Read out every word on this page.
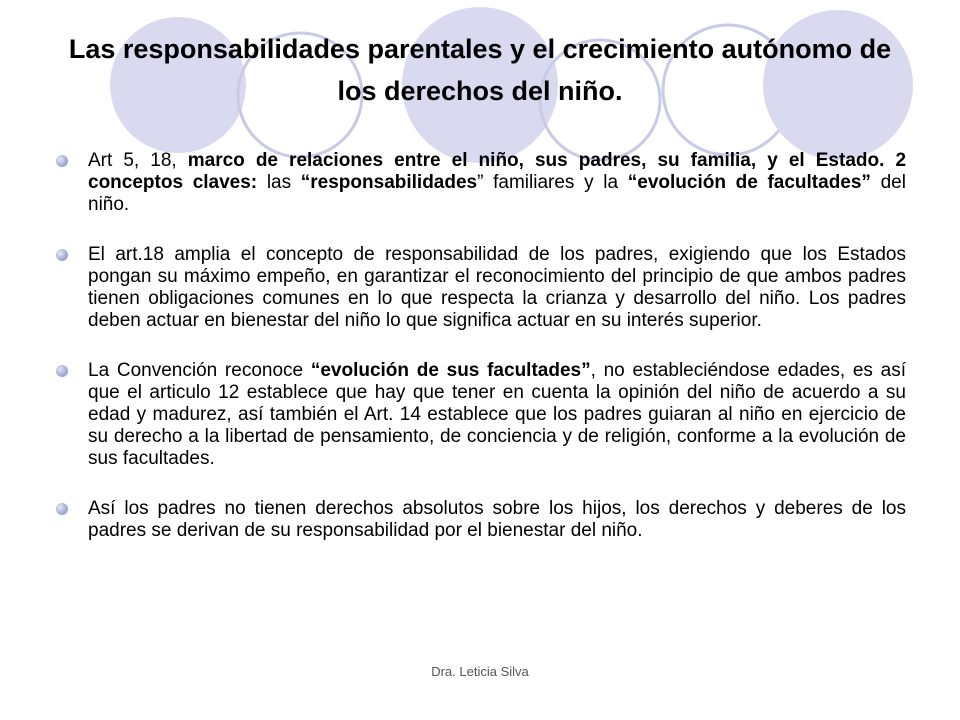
Las responsabilidades parentales y el crecimiento autónomo de los derechos del niño.
Art 5, 18, marco de relaciones entre el niño, sus padres, su familia, y el Estado. 2 conceptos claves: las “responsabilidades” familiares y la “evolución de facultades” del niño.
El art.18 amplia el concepto de responsabilidad de los padres, exigiendo que los Estados pongan su máximo empeño, en garantizar el reconocimiento del principio de que ambos padres tienen obligaciones comunes en lo que respecta la crianza y desarrollo del niño. Los padres deben actuar en bienestar del niño lo que significa actuar en su interés superior.
La Convención reconoce “evolución de sus facultades”, no estableciéndose edades, es así que el articulo 12 establece que hay que tener en cuenta la opinión del niño de acuerdo a su edad y madurez, así también el Art. 14 establece que los padres guiaran al niño en ejercicio de su derecho a la libertad de pensamiento, de conciencia y de religión, conforme a la evolución de sus facultades.
Así los padres no tienen derechos absolutos sobre los hijos, los derechos y deberes de los padres se derivan de su responsabilidad por el bienestar del niño.
Dra. Leticia Silva
